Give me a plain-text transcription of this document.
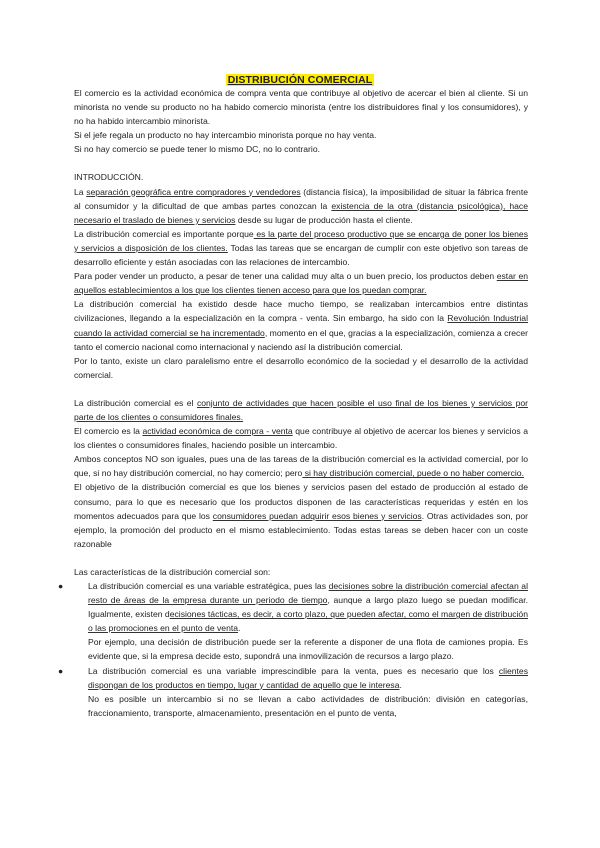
DISTRIBUCIÓN COMERCIAL

El comercio es la actividad económica de compra venta que contribuye al objetivo de acercar el bien al cliente. Si un minorista no vende su producto no ha habido comercio minorista (entre los distribuidores final y los consumidores), y no ha habido intercambio minorista.

Si el jefe regala un producto no hay intercambio minorista porque no hay venta.

Si no hay comercio se puede tener lo mismo DC, no lo contrario.

INTRODUCCIÓN.

La separación geográfica entre compradores y vendedores (distancia física), la imposibilidad de situar la fábrica frente al consumidor y la dificultad de que ambas partes conozcan la existencia de la otra (distancia psicológica), hace necesario el traslado de bienes y servicios desde su lugar de producción hasta el cliente.

La distribución comercial es importante porque es la parte del proceso productivo que se encarga de poner los bienes y servicios a disposición de los clientes. Todas las tareas que se encargan de cumplir con este objetivo son tareas de desarrollo eficiente y están asociadas con las relaciones de intercambio.

Para poder vender un producto, a pesar de tener una calidad muy alta o un buen precio, los productos deben estar en aquellos establecimientos a los que los clientes tienen acceso para que los puedan comprar.

La distribución comercial ha existido desde hace mucho tiempo, se realizaban intercambios entre distintas civilizaciones, llegando a la especialización en la compra - venta. Sin embargo, ha sido con la Revolución Industrial cuando la actividad comercial se ha incrementado, momento en el que, gracias a la especialización, comienza a crecer tanto el comercio nacional como internacional y naciendo así la distribución comercial.

Por lo tanto, existe un claro paralelismo entre el desarrollo económico de la sociedad y el desarrollo de la actividad comercial.

La distribución comercial es el conjunto de actividades que hacen posible el uso final de los bienes y servicios por parte de los clientes o consumidores finales.

El comercio es la actividad económica de compra - venta que contribuye al objetivo de acercar los bienes y servicios a los clientes o consumidores finales, haciendo posible un intercambio.

Ambos conceptos NO son iguales, pues una de las tareas de la distribución comercial es la actividad comercial, por lo que, si no hay distribución comercial, no hay comercio; pero si hay distribución comercial, puede o no haber comercio.

El objetivo de la distribución comercial es que los bienes y servicios pasen del estado de producción al estado de consumo, para lo que es necesario que los productos disponen de las características requeridas y estén en los momentos adecuados para que los consumidores puedan adquirir esos bienes y servicios. Otras actividades son, por ejemplo, la promoción del producto en el mismo establecimiento. Todas estas tareas se deben hacer con un coste razonable

Las características de la distribución comercial son:

●	La distribución comercial es una variable estratégica, pues las decisiones sobre la distribución comercial afectan al resto de áreas de la empresa durante un periodo de tiempo, aunque a largo plazo luego se puedan modificar. Igualmente, existen decisiones tácticas, es decir, a corto plazo, que pueden afectar, como el margen de distribución o las promociones en el punto de venta.

Por ejemplo, una decisión de distribución puede ser la referente a disponer de una flota de camiones propia. Es evidente que, si la empresa decide esto, supondrá una inmovilización de recursos a largo plazo.

●	La distribución comercial es una variable imprescindible para la venta, pues es necesario que los clientes dispongan de los productos en tiempo, lugar y cantidad de aquello que le interesa.

No es posible un intercambio si no se llevan a cabo actividades de distribución: división en categorías, fraccionamiento, transporte, almacenamiento, presentación en el punto de venta,
